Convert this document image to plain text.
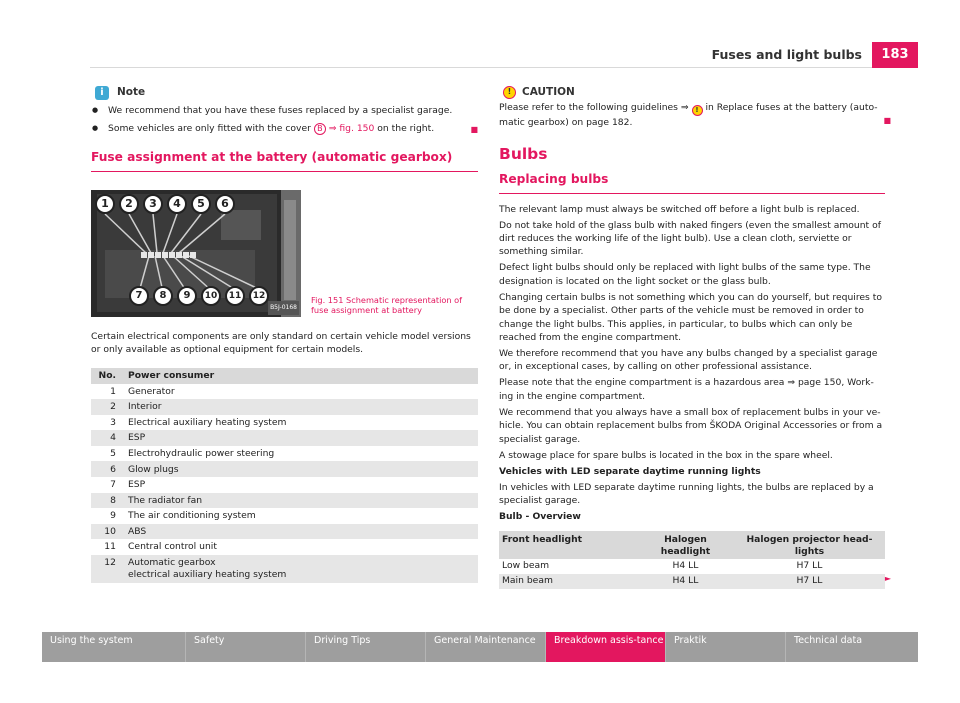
Fuses and light bulbs	183
i	Note
● We recommend that you have these fuses replaced by a specialist garage.
● Some vehicles are only fitted with the cover B ⇒ fig. 150 on the right.	■
Fuse assignment at the battery (automatic gearbox)
1	2	3	4	5	6
7	8	9	10	11	12
B5J-0168
Fig. 151 Schematic representation of fuse assignment at battery

Certain electrical components are only standard on certain vehicle model versions or only available as optional equipment for certain models.

No.	Power consumer
1	Generator
2	Interior
3	Electrical auxiliary heating system
4	ESP
5	Electrohydraulic power steering
6	Glow plugs
7	ESP
8	The radiator fan
9	The air conditioning system
10	ABS
11	Central control unit
12	Automatic gearbox
electrical auxiliary heating system
!	CAUTION
Please refer to the following guidelines ⇒ ! in Replace fuses at the battery (auto-matic gearbox) on page 182.	■
Bulbs
Replacing bulbs

The relevant lamp must always be switched off before a light bulb is replaced.

Do not take hold of the glass bulb with naked fingers (even the smallest amount of dirt reduces the working life of the light bulb). Use a clean cloth, serviette or something similar.

Defect light bulbs should only be replaced with light bulbs of the same type. The designation is located on the light socket or the glass bulb.

Changing certain bulbs is not something which you can do yourself, but requires to be done by a specialist. Other parts of the vehicle must be removed in order to change the light bulbs. This applies, in particular, to bulbs which can only be reached from the engine compartment.

We therefore recommend that you have any bulbs changed by a specialist garage or, in exceptional cases, by calling on other professional assistance.

Please note that the engine compartment is a hazardous area ⇒ page 150, Work-ing in the engine compartment.

We recommend that you always have a small box of replacement bulbs in your ve-hicle. You can obtain replacement bulbs from ŠKODA Original Accessories or from a specialist garage.

A stowage place for spare bulbs is located in the box in the spare wheel.

Vehicles with LED separate daytime running lights

In vehicles with LED separate daytime running lights, the bulbs are replaced by a specialist garage.

Bulb - Overview

Front headlight	Halogen headlight	Halogen projector head-lights
Low beam	H4 LL	H7 LL
Main beam	H4 LL	H7 LL	►
Using the system	Safety	Driving Tips	General Maintenance	Breakdown assis-tance	Praktik	Technical data
